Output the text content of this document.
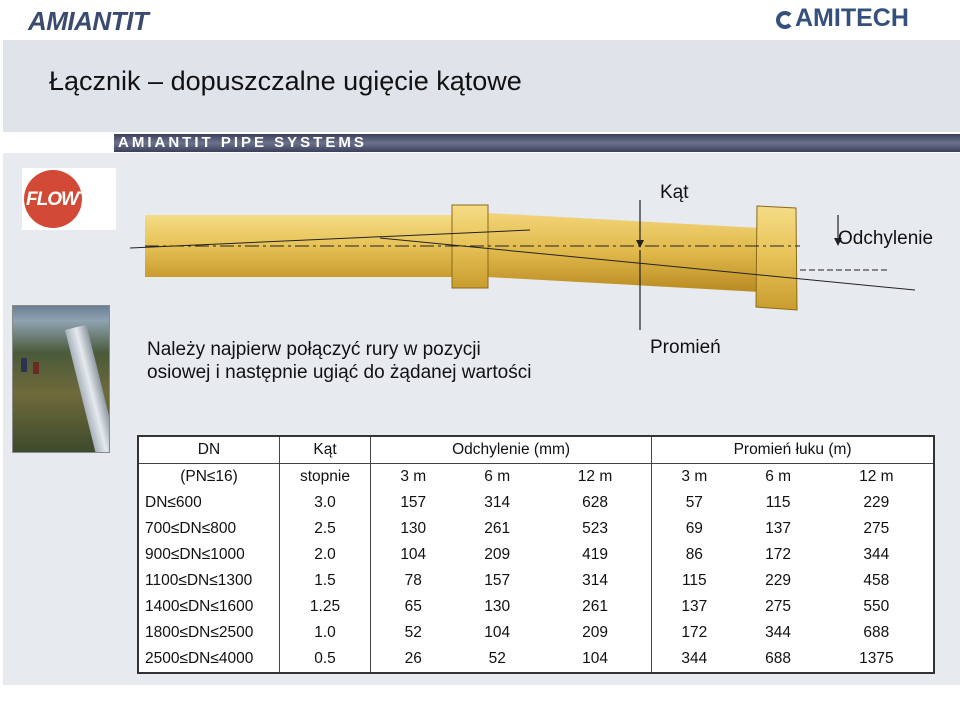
AMIANTIT	AMITECH
Łącznik – dopuszczalne ugięcie kątowe
AMIANTIT PIPE SYSTEMS
FLOWTITE	Kąt
Odchylenie
Promień
Należy najpierw połączyć rury w pozycji
osiowej i następnie ugiąć do żądanej wartości
DN	Kąt	Odchylenie (mm)			Promień łuku (m)		
(PN≤16)	stopnie	3 m	6 m	12 m	3 m	6 m	12 m
DN≤600	3.0	157	314	628	57	115	229
700≤DN≤800	2.5	130	261	523	69	137	275
900≤DN≤1000	2.0	104	209	419	86	172	344
1100≤DN≤1300	1.5	78	157	314	115	229	458
1400≤DN≤1600	1.25	65	130	261	137	275	550
1800≤DN≤2500	1.0	52	104	209	172	344	688
2500≤DN≤4000	0.5	26	52	104	344	688	1375
